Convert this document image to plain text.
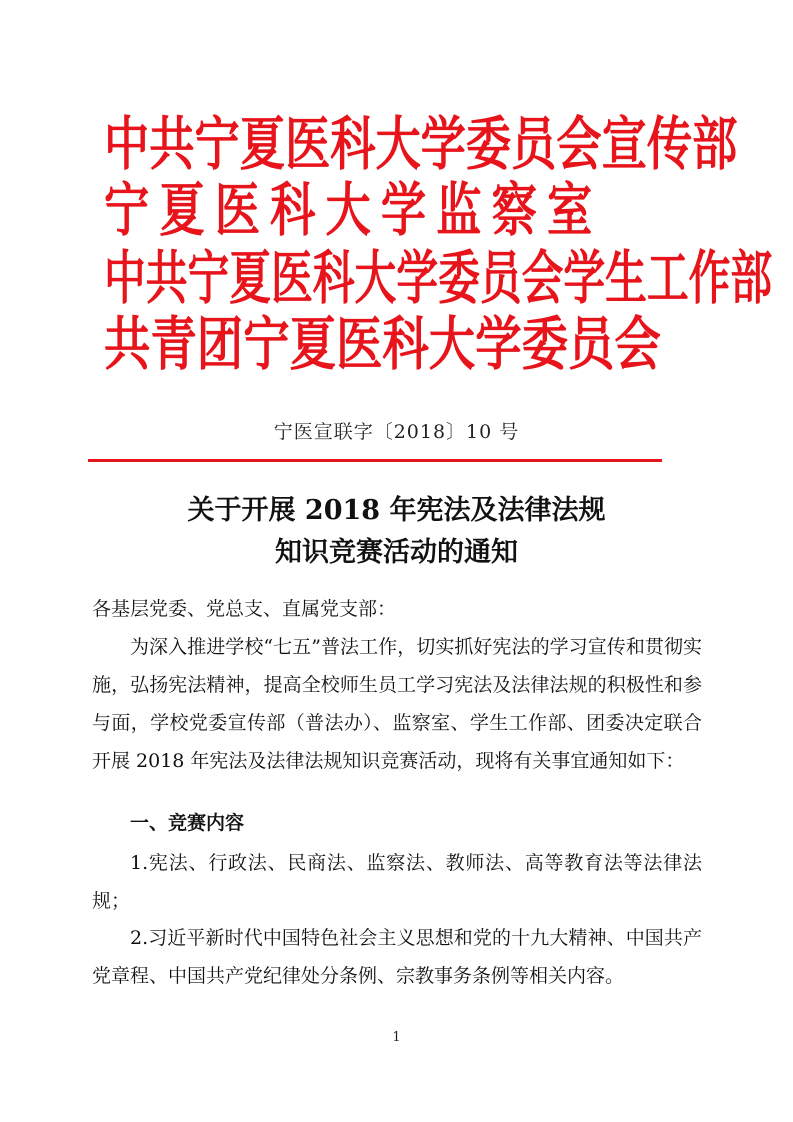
中共宁夏医科大学委员会宣传部
宁夏医科大学监察室
中共宁夏医科大学委员会学生工作部
共青团宁夏医科大学委员会
宁医宣联字〔2018〕10 号
关于开展 2018 年宪法及法律法规
知识竞赛活动的通知
各基层党委、党总支、直属党支部：
为深入推进学校“七五”普法工作，切实抓好宪法的学习宣传和贯彻实施，弘扬宪法精神，提高全校师生员工学习宪法及法律法规的积极性和参与面，学校党委宣传部（普法办）、监察室、学生工作部、团委决定联合开展 2018 年宪法及法律法规知识竞赛活动，现将有关事宜通知如下：
一、竞赛内容
1.宪法、行政法、民商法、监察法、教师法、高等教育法等法律法规；
2.习近平新时代中国特色社会主义思想和党的十九大精神、中国共产党章程、中国共产党纪律处分条例、宗教事务条例等相关内容。
1
